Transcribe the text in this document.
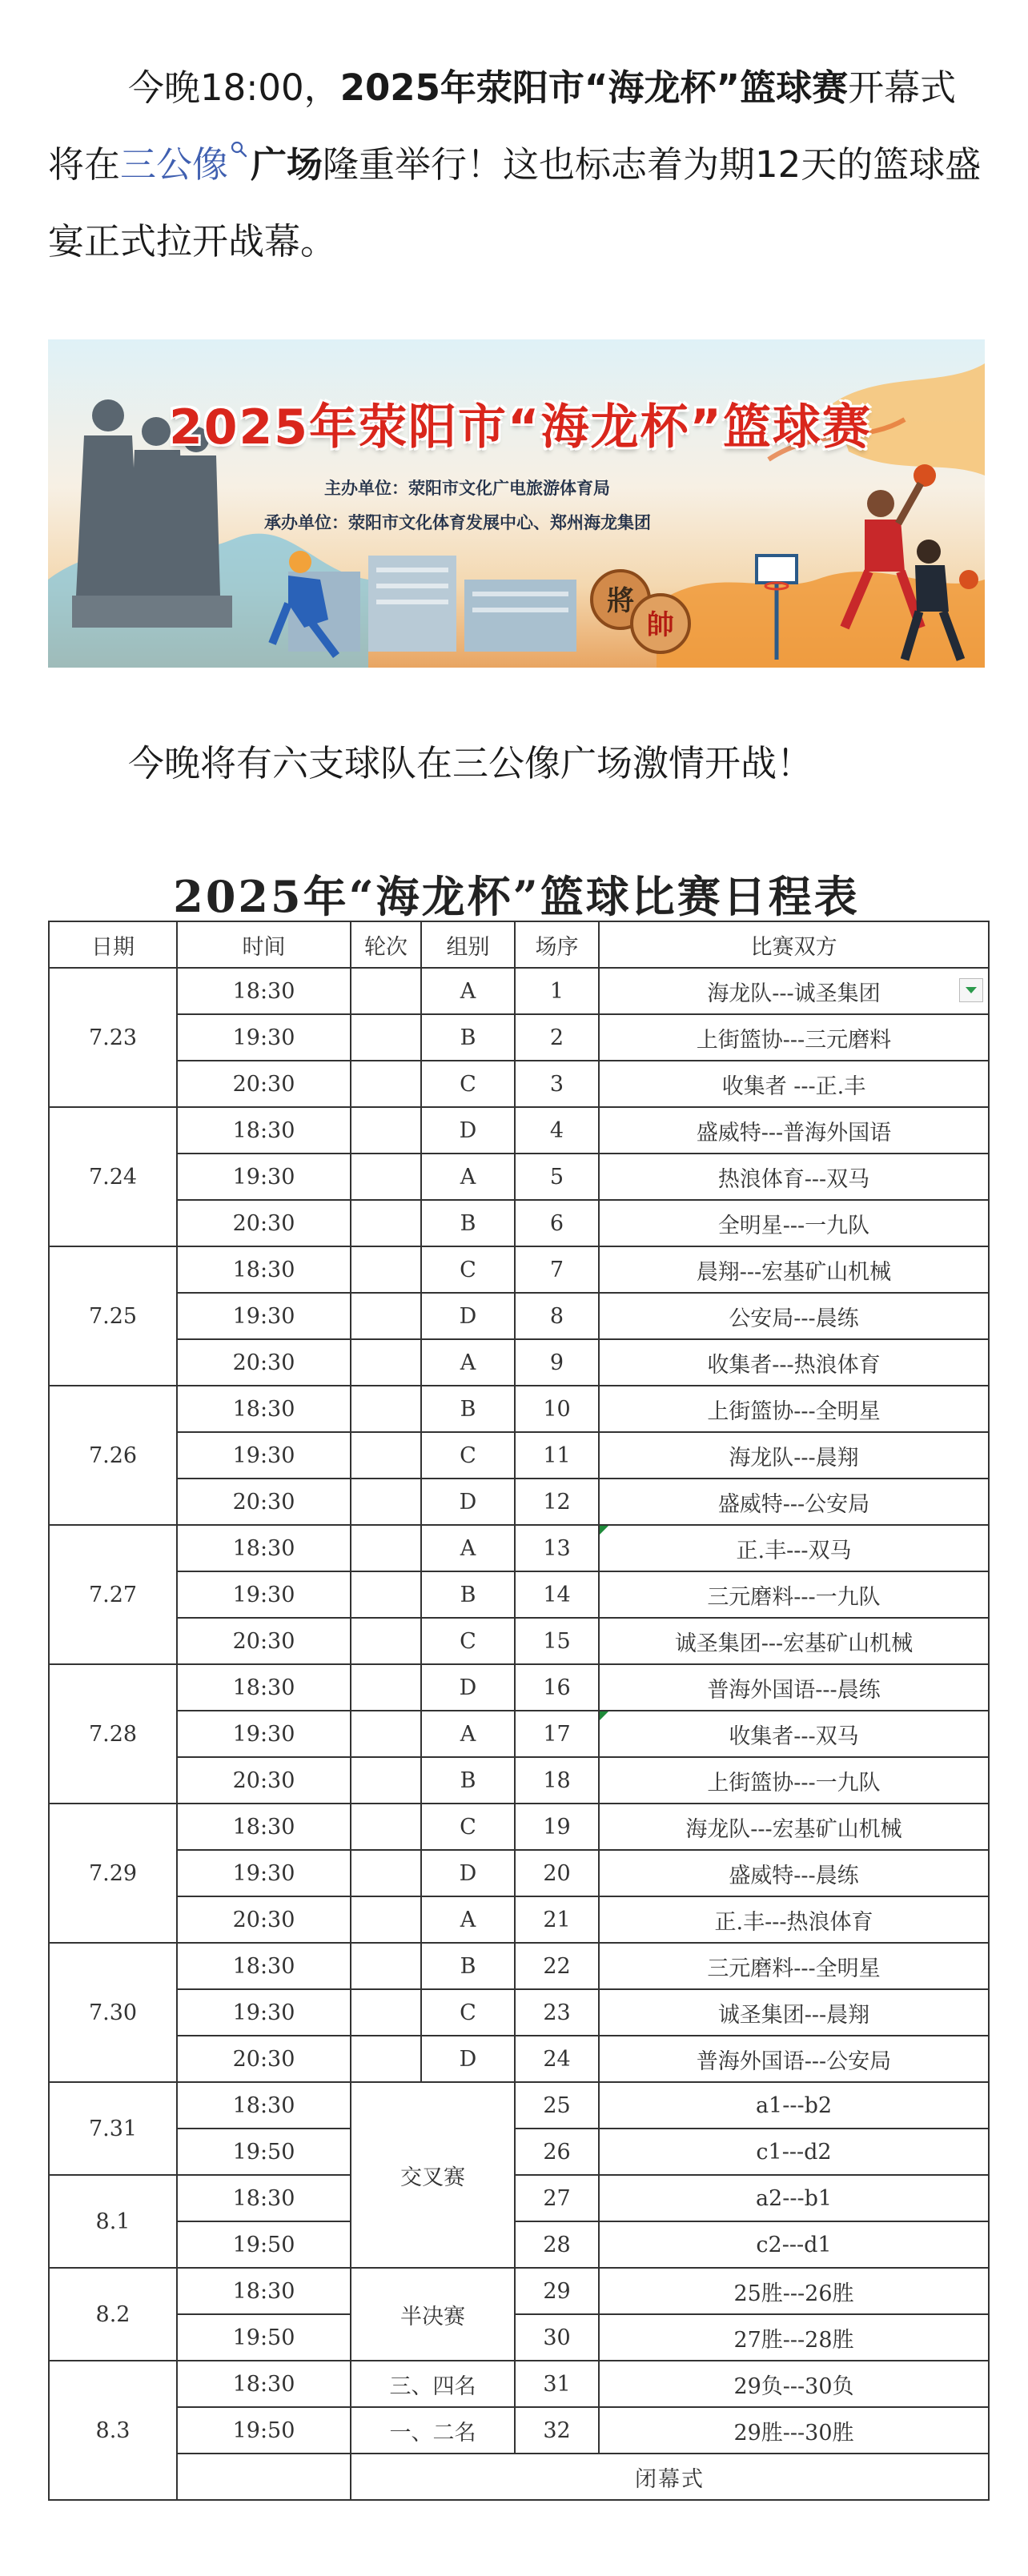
今晚18:00，2025年荥阳市“海龙杯”篮球赛开幕式将在三公像 广场隆重举行！这也标志着为期12天的篮球盛宴正式拉开战幕。

將
帥
2025年荥阳市“海龙杯”篮球赛
主办单位：荥阳市文化广电旅游体育局
承办单位：荥阳市文化体育发展中心、郑州海龙集团

今晚将有六支球队在三公像广场激情开战！

2025年“海龙杯”篮球比赛日程表
日期	时间	轮次	组别	场序	比赛双方
7.23	18:30		A	1	海龙队---诚圣集团

	19:30		B	2	上街篮协---三元磨料
	20:30		C	3	收集者 ---正.丰
7.24	18:30		D	4	盛威特---普海外国语
	19:30		A	5	热浪体育---双马
	20:30		B	6	全明星---一九队
7.25	18:30		C	7	晨翔---宏基矿山机械
	19:30		D	8	公安局---晨练
	20:30		A	9	收集者---热浪体育
7.26	18:30		B	10	上街篮协---全明星
	19:30		C	11	海龙队---晨翔
	20:30		D	12	盛威特---公安局
7.27	18:30		A	13	正.丰---双马

	19:30		B	14	三元磨料---一九队
	20:30		C	15	诚圣集团---宏基矿山机械
7.28	18:30		D	16	普海外国语---晨练
	19:30		A	17	收集者---双马

	20:30		B	18	上街篮协---一九队
7.29	18:30		C	19	海龙队---宏基矿山机械
	19:30		D	20	盛威特---晨练
	20:30		A	21	正.丰---热浪体育
7.30	18:30		B	22	三元磨料---全明星
	19:30		C	23	诚圣集团---晨翔
	20:30		D	24	普海外国语---公安局
7.31	18:30	交叉赛		25	a1---b2
	19:50			26	c1---d2
8.1	18:30			27	a2---b1
	19:50			28	c2---d1
8.2	18:30	半决赛		29	25胜---26胜
	19:50			30	27胜---28胜
8.3	18:30	三、四名		31	29负---30负
	19:50	一、二名		32	29胜---30胜
		闭幕式			
